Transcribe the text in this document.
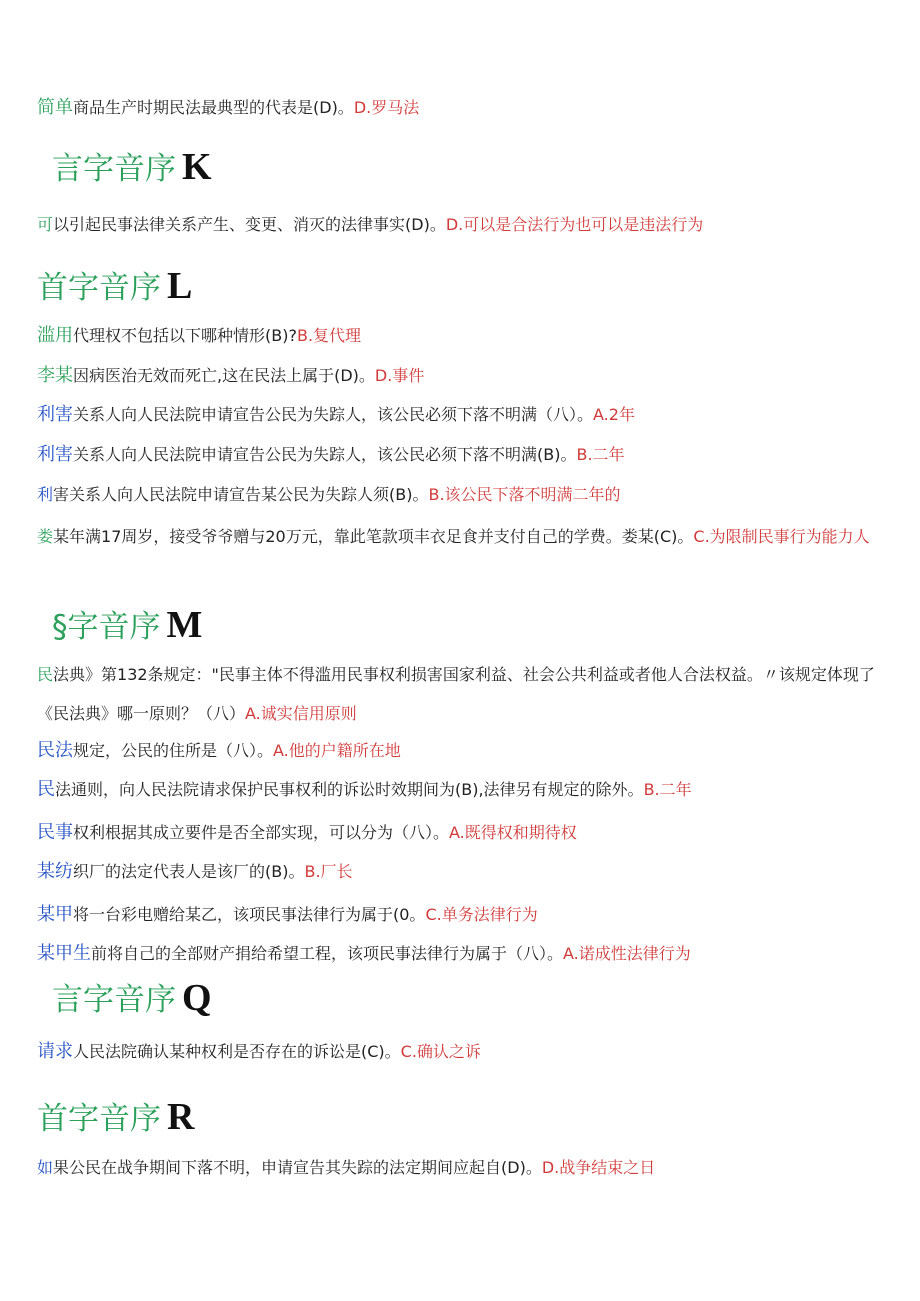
简单商品生产时期民法最典型的代表是(D)。D.罗马法
言字音序 K
可以引起民事法律关系产生、变更、消灭的法律事实(D)。D.可以是合法行为也可以是违法行为
首字音序 L
滥用代理权不包括以下哪种情形(B)?B.复代理
李某因病医治无效而死亡,这在民法上属于(D)。D.事件
利害关系人向人民法院申请宣告公民为失踪人，该公民必须下落不明满（八）。A.2年
利害关系人向人民法院申请宣告公民为失踪人，该公民必须下落不明满(B)。B.二年
利害关系人向人民法院申请宣告某公民为失踪人须(B)。B.该公民下落不明满二年的
娄某年满17周岁，接受爷爷赠与20万元，靠此笔款项丰衣足食并支付自己的学费。娄某(C)。C.为限制民事行为能力人
§字音序 M
民法典》第132条规定："民事主体不得滥用民事权利损害国家利益、社会公共利益或者他人合法权益。〃该规定体现了《民法典》哪一原则？（八）A.诚实信用原则
民法规定，公民的住所是（八）。A.他的户籍所在地
民法通则，向人民法院请求保护民事权利的诉讼时效期间为(B),法律另有规定的除外。B.二年
民事权利根据其成立要件是否全部实现，可以分为（八）。A.既得权和期待权
某纺织厂的法定代表人是该厂的(B)。B.厂长
某甲将一台彩电赠给某乙，该项民事法律行为属于(0。C.单务法律行为
某甲生前将自己的全部财产捐给希望工程，该项民事法律行为属于（八）。A.诺成性法律行为
言字音序 Q
请求人民法院确认某种权利是否存在的诉讼是(C)。C.确认之诉
首字音序 R
如果公民在战争期间下落不明，申请宣告其失踪的法定期间应起自(D)。D.战争结束之日
